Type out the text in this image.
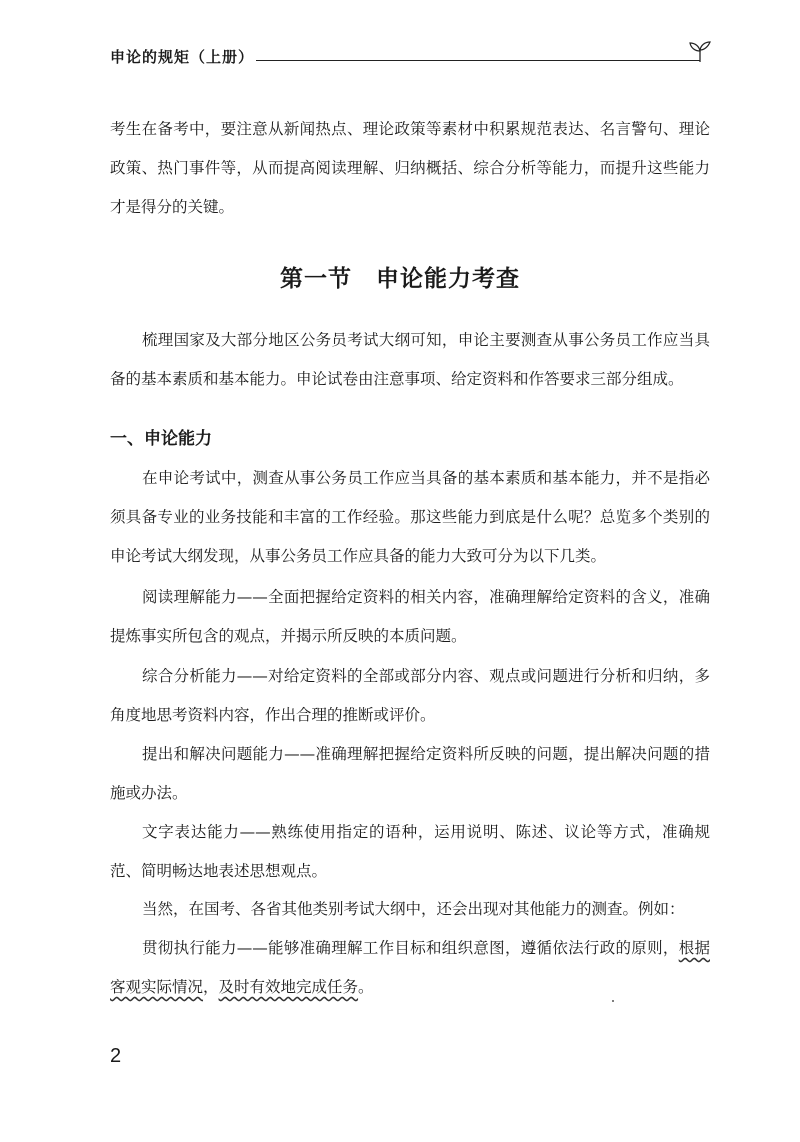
申论的规矩（上册）

考生在备考中，要注意从新闻热点、理论政策等素材中积累规范表达、名言警句、理论政策、热门事件等，从而提高阅读理解、归纳概括、综合分析等能力，而提升这些能力才是得分的关键。

第一节　申论能力考查

梳理国家及大部分地区公务员考试大纲可知，申论主要测查从事公务员工作应当具备的基本素质和基本能力。申论试卷由注意事项、给定资料和作答要求三部分组成。

一、申论能力

在申论考试中，测查从事公务员工作应当具备的基本素质和基本能力，并不是指必须具备专业的业务技能和丰富的工作经验。那这些能力到底是什么呢？总览多个类别的申论考试大纲发现，从事公务员工作应具备的能力大致可分为以下几类。

阅读理解能力——全面把握给定资料的相关内容，准确理解给定资料的含义，准确提炼事实所包含的观点，并揭示所反映的本质问题。

综合分析能力——对给定资料的全部或部分内容、观点或问题进行分析和归纳，多角度地思考资料内容，作出合理的推断或评价。

提出和解决问题能力——准确理解把握给定资料所反映的问题，提出解决问题的措施或办法。

文字表达能力——熟练使用指定的语种，运用说明、陈述、议论等方式，准确规范、简明畅达地表述思想观点。

当然，在国考、各省其他类别考试大纲中，还会出现对其他能力的测查。例如：

贯彻执行能力——能够准确理解工作目标和组织意图，遵循依法行政的原则，根据客观实际情况，及时有效地完成任务。

2
